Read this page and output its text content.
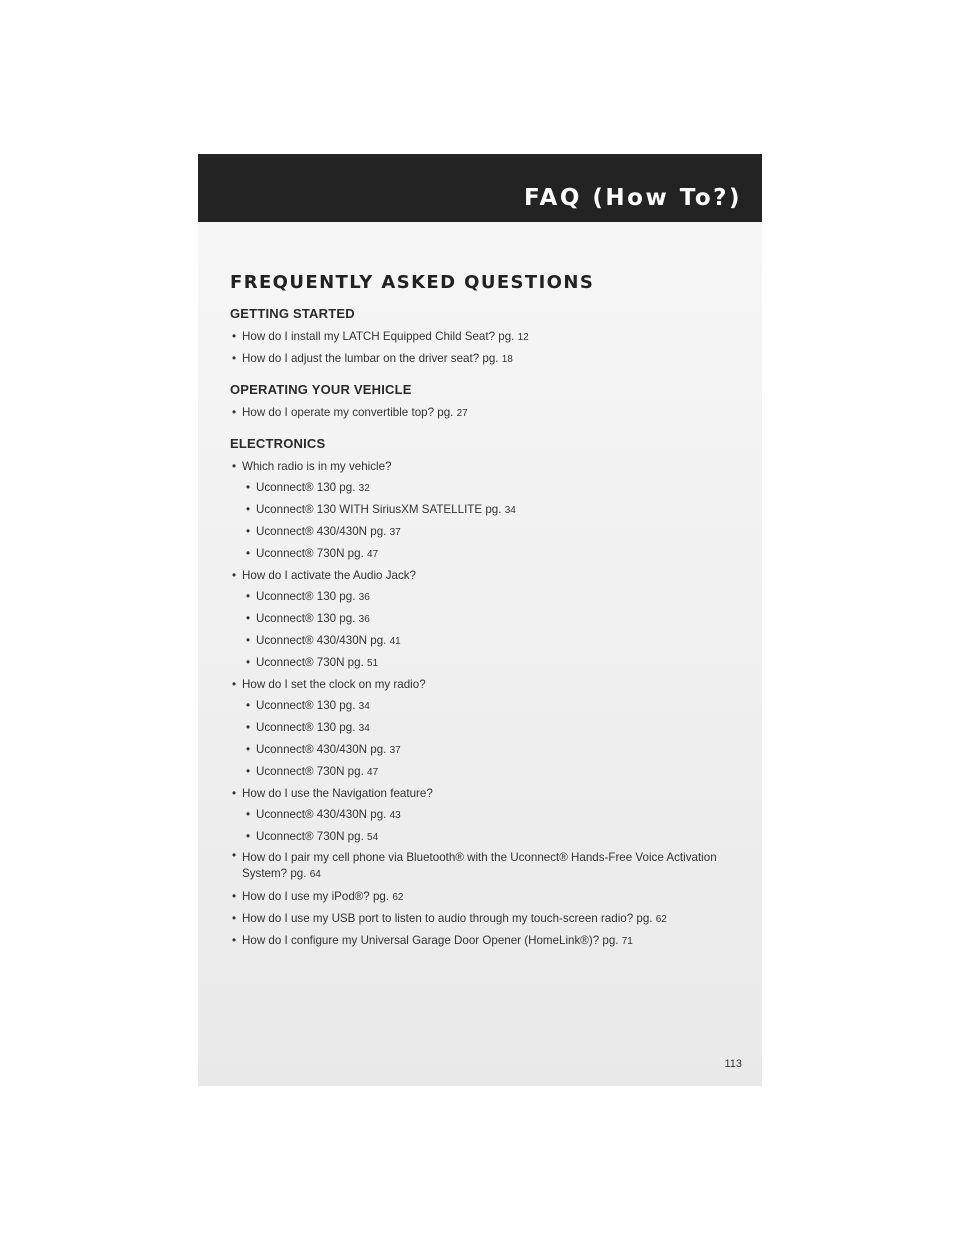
FAQ (How To?)
FREQUENTLY ASKED QUESTIONS
GETTING STARTED
• How do I install my LATCH Equipped Child Seat? pg. 12
• How do I adjust the lumbar on the driver seat? pg. 18
OPERATING YOUR VEHICLE
• How do I operate my convertible top? pg. 27
ELECTRONICS
• Which radio is in my vehicle?
• Uconnect® 130 pg. 32
• Uconnect® 130 WITH SiriusXM SATELLITE pg. 34
• Uconnect® 430/430N pg. 37
• Uconnect® 730N pg. 47
• How do I activate the Audio Jack?
• Uconnect® 130 pg. 36
• Uconnect® 130 pg. 36
• Uconnect® 430/430N pg. 41
• Uconnect® 730N pg. 51
• How do I set the clock on my radio?
• Uconnect® 130 pg. 34
• Uconnect® 130 pg. 34
• Uconnect® 430/430N pg. 37
• Uconnect® 730N pg. 47
• How do I use the Navigation feature?
• Uconnect® 430/430N pg. 43
• Uconnect® 730N pg. 54
• How do I pair my cell phone via Bluetooth® with the Uconnect® Hands-Free Voice Activation System? pg. 64
• How do I use my iPod®? pg. 62
• How do I use my USB port to listen to audio through my touch-screen radio? pg. 62
• How do I configure my Universal Garage Door Opener (HomeLink®)? pg. 71
113
